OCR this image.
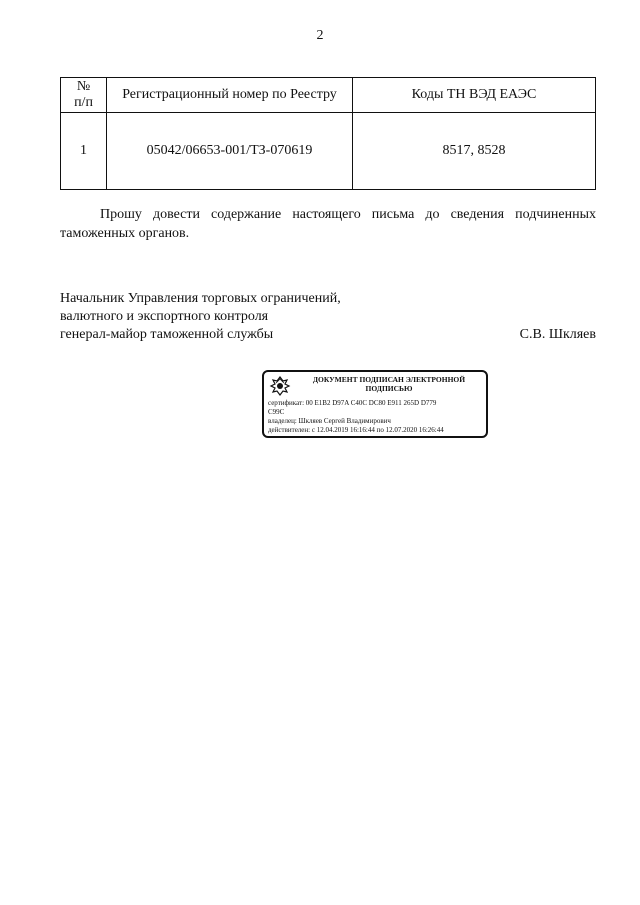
2
№
п/п	Регистрационный номер по Реестру	Коды ТН ВЭД ЕАЭС
1	05042/06653-001/ТЗ-070619	8517, 8528

Прошу довести содержание настоящего письма до сведения подчиненных таможенных органов.

Начальник Управления торговых ограничений,
валютного и экспортного контроля
генерал-майор таможенной службы	С.В. Шкляев
ДОКУМЕНТ ПОДПИСАН ЭЛЕКТРОННОЙ ПОДПИСЬЮ
сертификат: 00 E1B2 D97A C40C DC80 E911 265D D779
C99C
владелец: Шкляев Сергей Владимирович
действителен: с 12.04.2019 16:16:44 по 12.07.2020 16:26:44
